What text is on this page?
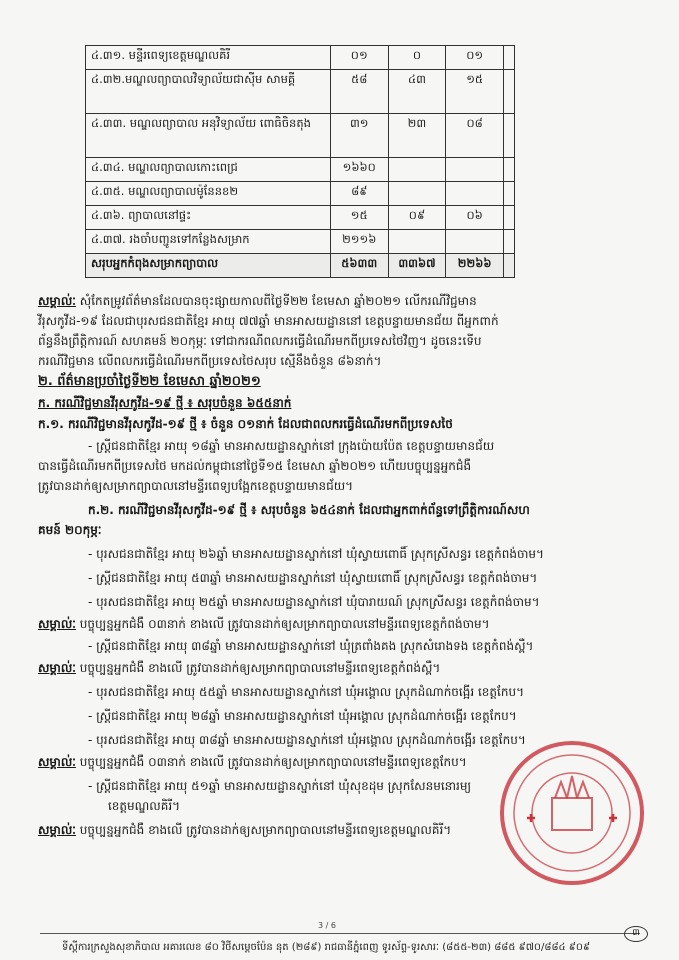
៤.៣១. មន្ទីរពេទ្យខេត្តមណ្ឌលគិរី	០១	០	០១	
៤.៣២.មណ្ឌលព្យាបាលវិទ្យាល័យជាស៊ីម សាមគ្គី	៥៨	៤៣	១៥	
៤.៣៣. មណ្ឌលព្យាបាល អនុវិទ្យាល័យ ពោធិចិនតុង	៣១	២៣	០៨	
៤.៣៤. មណ្ឌលព្យាបាលកោះពេជ្រ	១៦៦០			
៤.៣៥. មណ្ឌលព្យាបាលម៉ូនែនខ២	៨៩			
៤.៣៦. ព្យាបាលនៅផ្ទះ	១៥	០៩	០៦	
៤.៣៧. រងចាំបញ្ជូនទៅកន្លែងសម្រាក	២១១៦			
សរុបអ្នកកំពុងសម្រាកព្យាបាល	៥៦៣៣	៣៣៦៧	២២៦៦	
សម្គាល់ៈ សុំកែតម្រូវព័ត៌មានដែលបានចុះផ្សាយកាលពីថ្ងៃទី២២ ខែមេសា ឆ្នាំ២០២១ លើករណីវិជ្ជមាន
វីរុសកូវីដ-១៩ ដែលជាបុរសជនជាតិខ្មែរ អាយុ ៧៧ឆ្នាំ មានអាសយដ្ឋាននៅ ខេត្តបន្ទាយមានជ័យ ពីអ្នកពាក់
ព័ន្ធនឹងព្រឹត្តិការណ៍ សហគមន៍ ២០កុម្ភៈ ទៅជាករណីពលករធ្វើដំណើរមកពីប្រទេសថៃវិញ។ ដូចនេះទើប
ករណីវិជ្ជមាន លើពលករធ្វើដំណើរមកពីប្រទេសថៃសរុប ស្មើនឹងចំនួន ៨៦នាក់។
២. ព័ត៌មានប្រចាំថ្ងៃទី២២ ខែមេសា ឆ្នាំ២០២១
ក. ករណីវិជ្ជមានវីរុសកូវីដ-១៩ ថ្មី ៖ សរុបចំនួន ៦៥៥នាក់
ក.១. ករណីវិជ្ជមានវីរុសកូវីដ-១៩ ថ្មី ៖ ចំនួន ០១នាក់ ដែលជាពលករធ្វើដំណើរមកពីប្រទេសថៃ
- ស្ត្រីជនជាតិខ្មែរ អាយុ ១៨ឆ្នាំ មានអាសយដ្ឋានស្នាក់នៅ ក្រុងប៉ោយប៉ែត ខេត្តបន្ទាយមានជ័យ
បានធ្វើដំណើរមកពីប្រទេសថៃ មកដល់កម្ពុជានៅថ្ងៃទី១៥ ខែមេសា ឆ្នាំ២០២១ ហើយបច្ចុប្បន្នអ្នកជំងឺ
ត្រូវបានដាក់ឲ្យសម្រាកព្យាបាលនៅមន្ទីរពេទ្យបង្អែកខេត្តបន្ទាយមានជ័យ។
ក.២. ករណីវិជ្ជមានវីរុសកូវីដ-១៩ ថ្មី ៖ សរុបចំនួន ៦៥៤នាក់ ដែលជាអ្នកពាក់ព័ន្ធទៅព្រឹត្តិការណ៍សហ
គមន៍ ២០កុម្ភៈ
- បុរសជនជាតិខ្មែរ អាយុ ២៦ឆ្នាំ មានអាសយដ្ឋានស្នាក់នៅ ឃុំស្វាយពោធិ៍ ស្រុកស្រីសន្ធរ ខេត្តកំពង់ចាម។
- ស្ត្រីជនជាតិខ្មែរ អាយុ ៥៣ឆ្នាំ មានអាសយដ្ឋានស្នាក់នៅ ឃុំស្វាយពោធិ៍ ស្រុកស្រីសន្ធរ ខេត្តកំពង់ចាម។
- បុរសជនជាតិខ្មែរ អាយុ ២៥ឆ្នាំ មានអាសយដ្ឋានស្នាក់នៅ ឃុំបារាយណ៍ ស្រុកស្រីសន្ធរ ខេត្តកំពង់ចាម។
សម្គាល់ៈ បច្ចុប្បន្នអ្នកជំងឺ ០៣នាក់ ខាងលើ ត្រូវបានដាក់ឲ្យសម្រាកព្យាបាលនៅមន្ទីរពេទ្យខេត្តកំពង់ចាម។
- ស្ត្រីជនជាតិខ្មែរ អាយុ ៣៨ឆ្នាំ មានអាសយដ្ឋានស្នាក់នៅ ឃុំត្រពាំងគង ស្រុកសំរោងទង ខេត្តកំពង់ស្ពឺ។
សម្គាល់ៈ បច្ចុប្បន្នអ្នកជំងឺ ខាងលើ ត្រូវបានដាក់ឲ្យសម្រាកព្យាបាលនៅមន្ទីរពេទ្យខេត្តកំពង់ស្ពឺ។
- បុរសជនជាតិខ្មែរ អាយុ ៥៥ឆ្នាំ មានអាសយដ្ឋានស្នាក់នៅ ឃុំអង្គោល ស្រុកដំណាក់ចង្អើរ ខេត្តកែប។
- ស្ត្រីជនជាតិខ្មែរ អាយុ ២៨ឆ្នាំ មានអាសយដ្ឋានស្នាក់នៅ ឃុំអង្គោល ស្រុកដំណាក់ចង្អើរ ខេត្តកែប។
- បុរសជនជាតិខ្មែរ អាយុ ៣៨ឆ្នាំ មានអាសយដ្ឋានស្នាក់នៅ ឃុំអង្គោល ស្រុកដំណាក់ចង្អើរ ខេត្តកែប។
សម្គាល់ៈ បច្ចុប្បន្នអ្នកជំងឺ ០៣នាក់ ខាងលើ ត្រូវបានដាក់ឲ្យសម្រាកព្យាបាលនៅមន្ទីរពេទ្យខេត្តកែប។
- ស្ត្រីជនជាតិខ្មែរ អាយុ ៥១ឆ្នាំ មានអាសយដ្ឋានស្នាក់នៅ ឃុំសុខដុម ស្រុកសែនមនោរម្យ
ខេត្តមណ្ឌលគិរី។
សម្គាល់ៈ បច្ចុប្បន្នអ្នកជំងឺ ខាងលើ ត្រូវបានដាក់ឲ្យសម្រាកព្យាបាលនៅមន្ទីរពេទ្យខេត្តមណ្ឌលគិរី។
3 / 6
ទីស្តីការក្រសួងសុខាភិបាល អគារលេខ ៨០ វិថីសម្តេចប៉ែន នុត (២៨៩) រាជធានីភ្នំពេញ ទូរស័ព្ទ-ទូរសារៈ (៨៥៥-២៣) ៨៨៥ ៩៧០/៨៨៤ ៩០៩
៣
